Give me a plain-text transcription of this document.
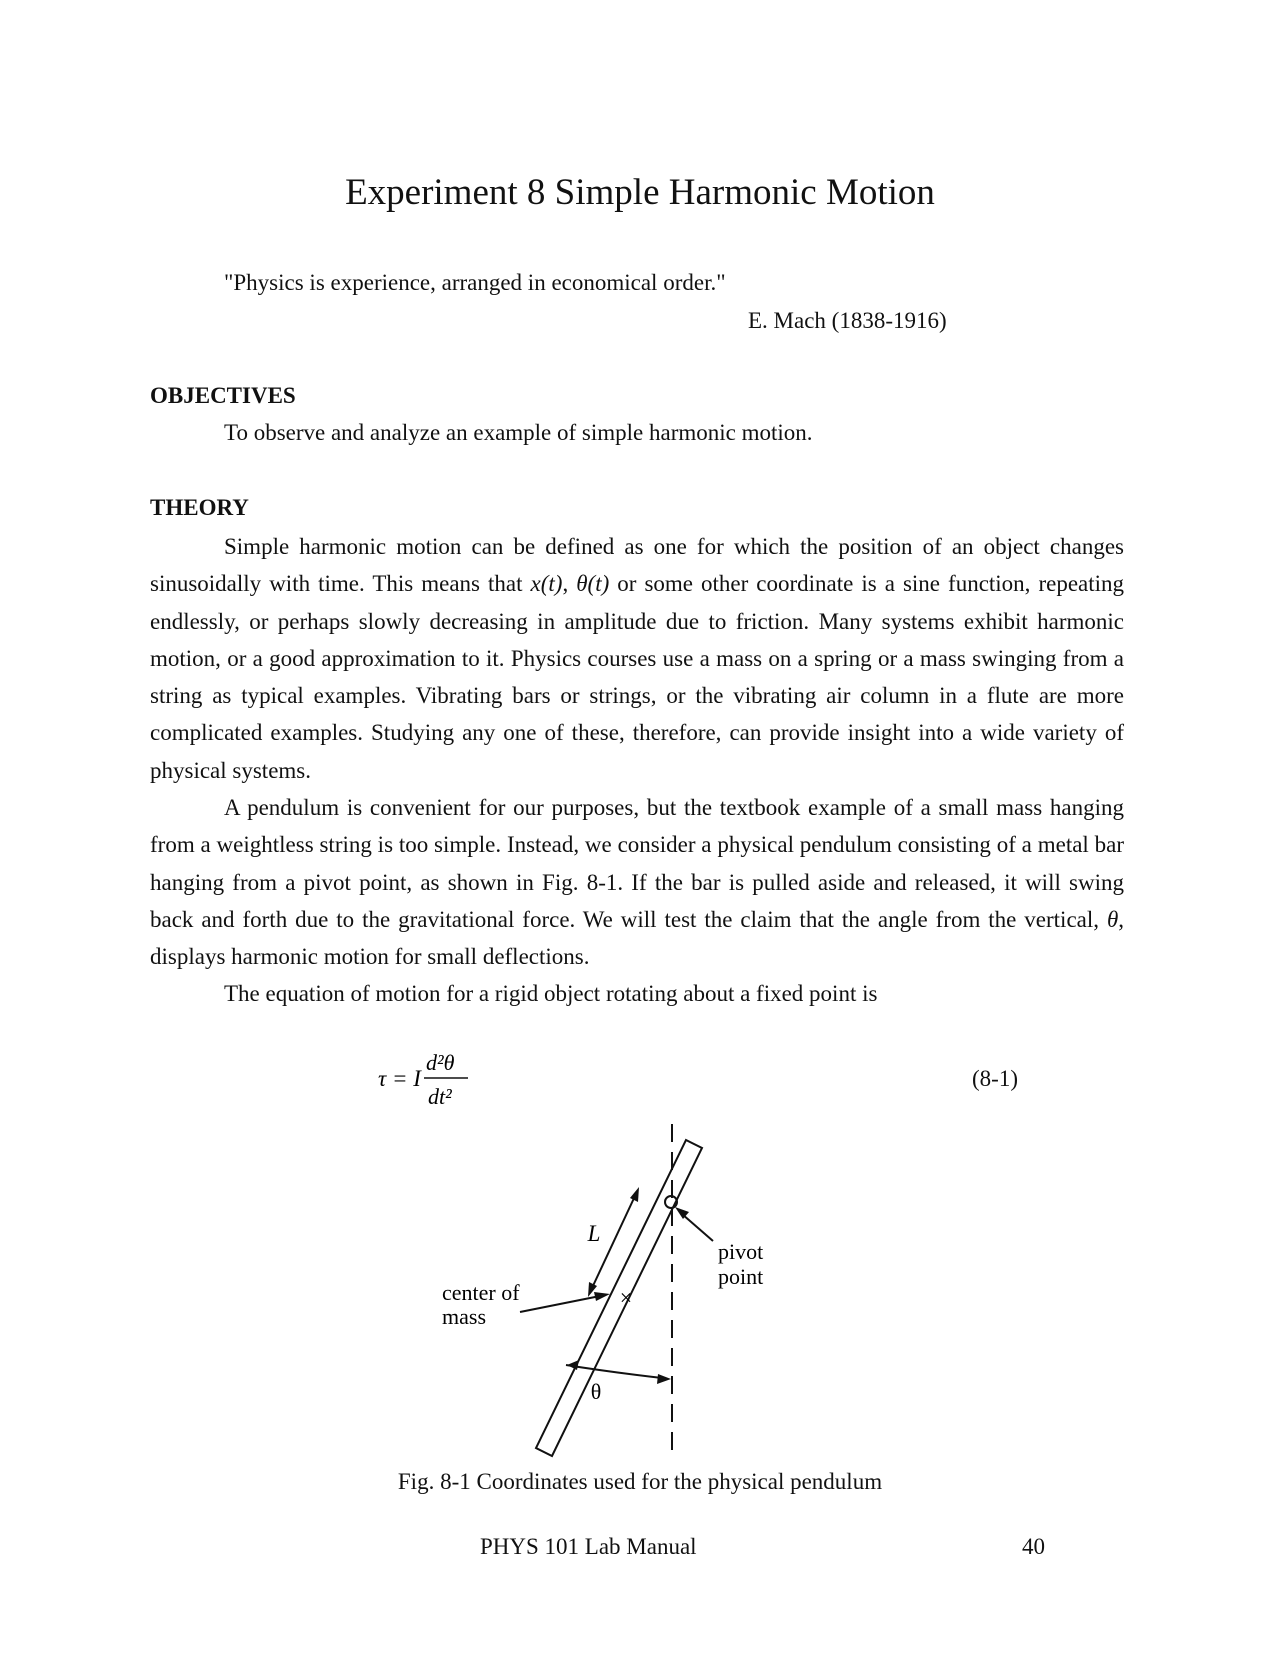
Experiment 8 Simple Harmonic Motion
"Physics is experience, arranged in economical order."
E. Mach (1838-1916)
OBJECTIVES
To observe and analyze an example of simple harmonic motion.
THEORY

Simple harmonic motion can be defined as one for which the position of an object changes sinusoidally with time. This means that x(t), θ(t) or some other coordinate is a sine function, repeating endlessly, or perhaps slowly decreasing in amplitude due to friction. Many systems exhibit harmonic motion, or a good approximation to it. Physics courses use a mass on a spring or a mass swinging from a string as typical examples. Vibrating bars or strings, or the vibrating air column in a flute are more complicated examples. Studying any one of these, therefore, can provide insight into a wide variety of physical systems.

A pendulum is convenient for our purposes, but the textbook example of a small mass hanging from a weightless string is too simple. Instead, we consider a physical pendulum consisting of a metal bar hanging from a pivot point, as shown in Fig. 8-1. If the bar is pulled aside and released, it will swing back and forth due to the gravitational force. We will test the claim that the angle from the vertical, θ, displays harmonic motion for small deflections.

The equation of motion for a rigid object rotating about a fixed point is

τ = I
d²θ
dt²
(8-1)
×
L
pivot
point
center of
mass
θ
Fig. 8-1 Coordinates used for the physical pendulum
PHYS 101 Lab Manual	40
